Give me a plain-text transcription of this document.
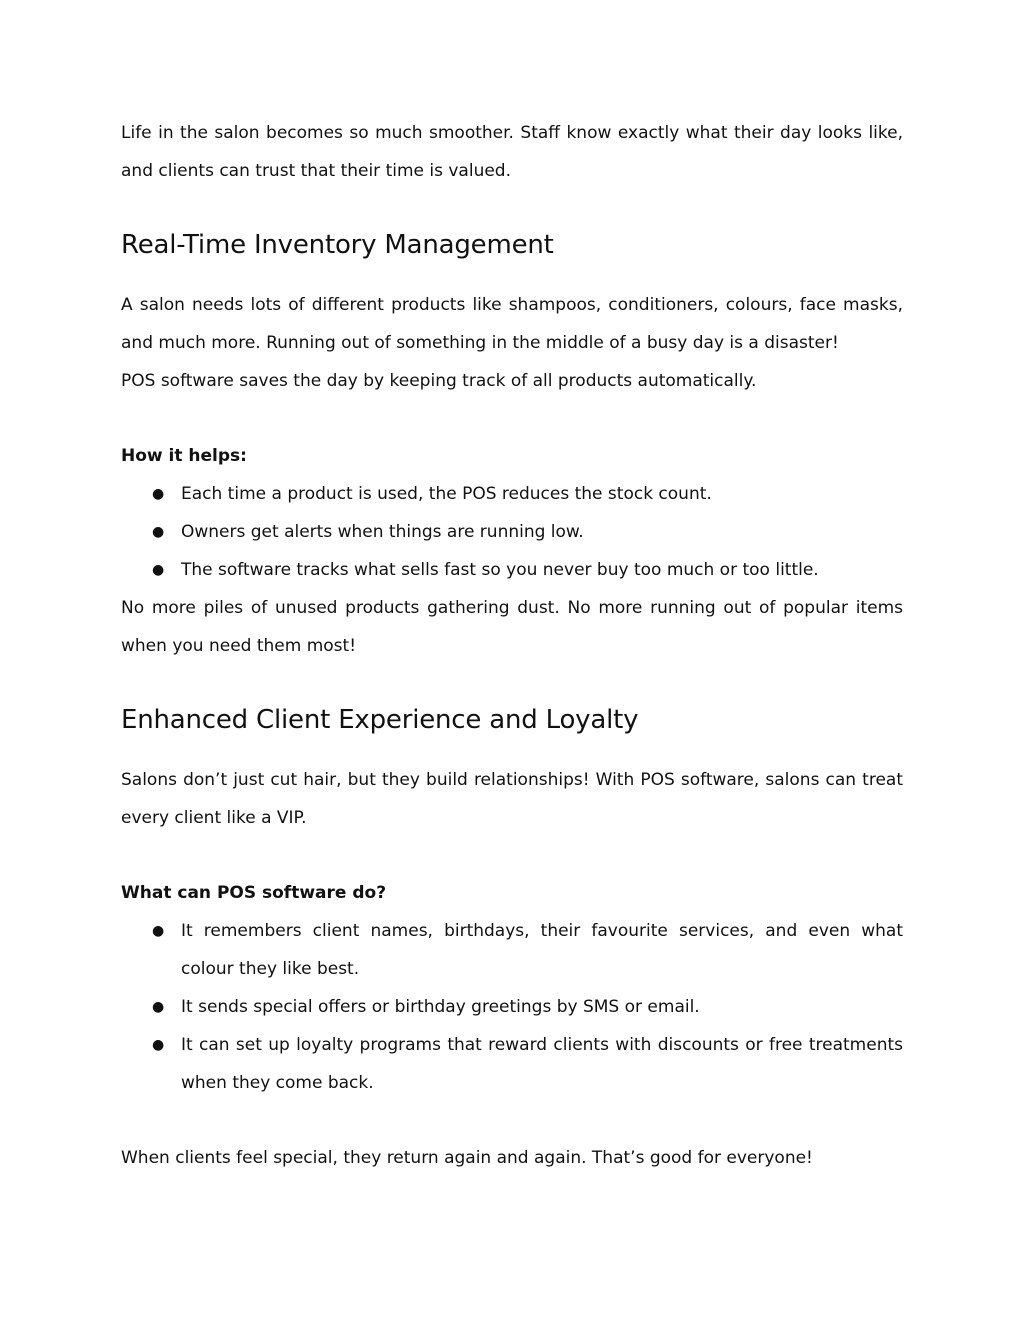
Life in the salon becomes so much smoother. Staff know exactly what their day looks like, and clients can trust that their time is valued.

Real-Time Inventory Management

A salon needs lots of different products like shampoos, conditioners, colours, face masks, and much more. Running out of something in the middle of a busy day is a disaster!

POS software saves the day by keeping track of all products automatically.

How it helps:
● Each time a product is used, the POS reduces the stock count.
● Owners get alerts when things are running low.
● The software tracks what sells fast so you never buy too much or too little.

No more piles of unused products gathering dust. No more running out of popular items when you need them most!

Enhanced Client Experience and Loyalty

Salons don’t just cut hair, but they build relationships! With POS software, salons can treat every client like a VIP.

What can POS software do?
● It remembers client names, birthdays, their favourite services, and even what colour they like best.
● It sends special offers or birthday greetings by SMS or email.
● It can set up loyalty programs that reward clients with discounts or free treatments when they come back.

When clients feel special, they return again and again. That’s good for everyone!
